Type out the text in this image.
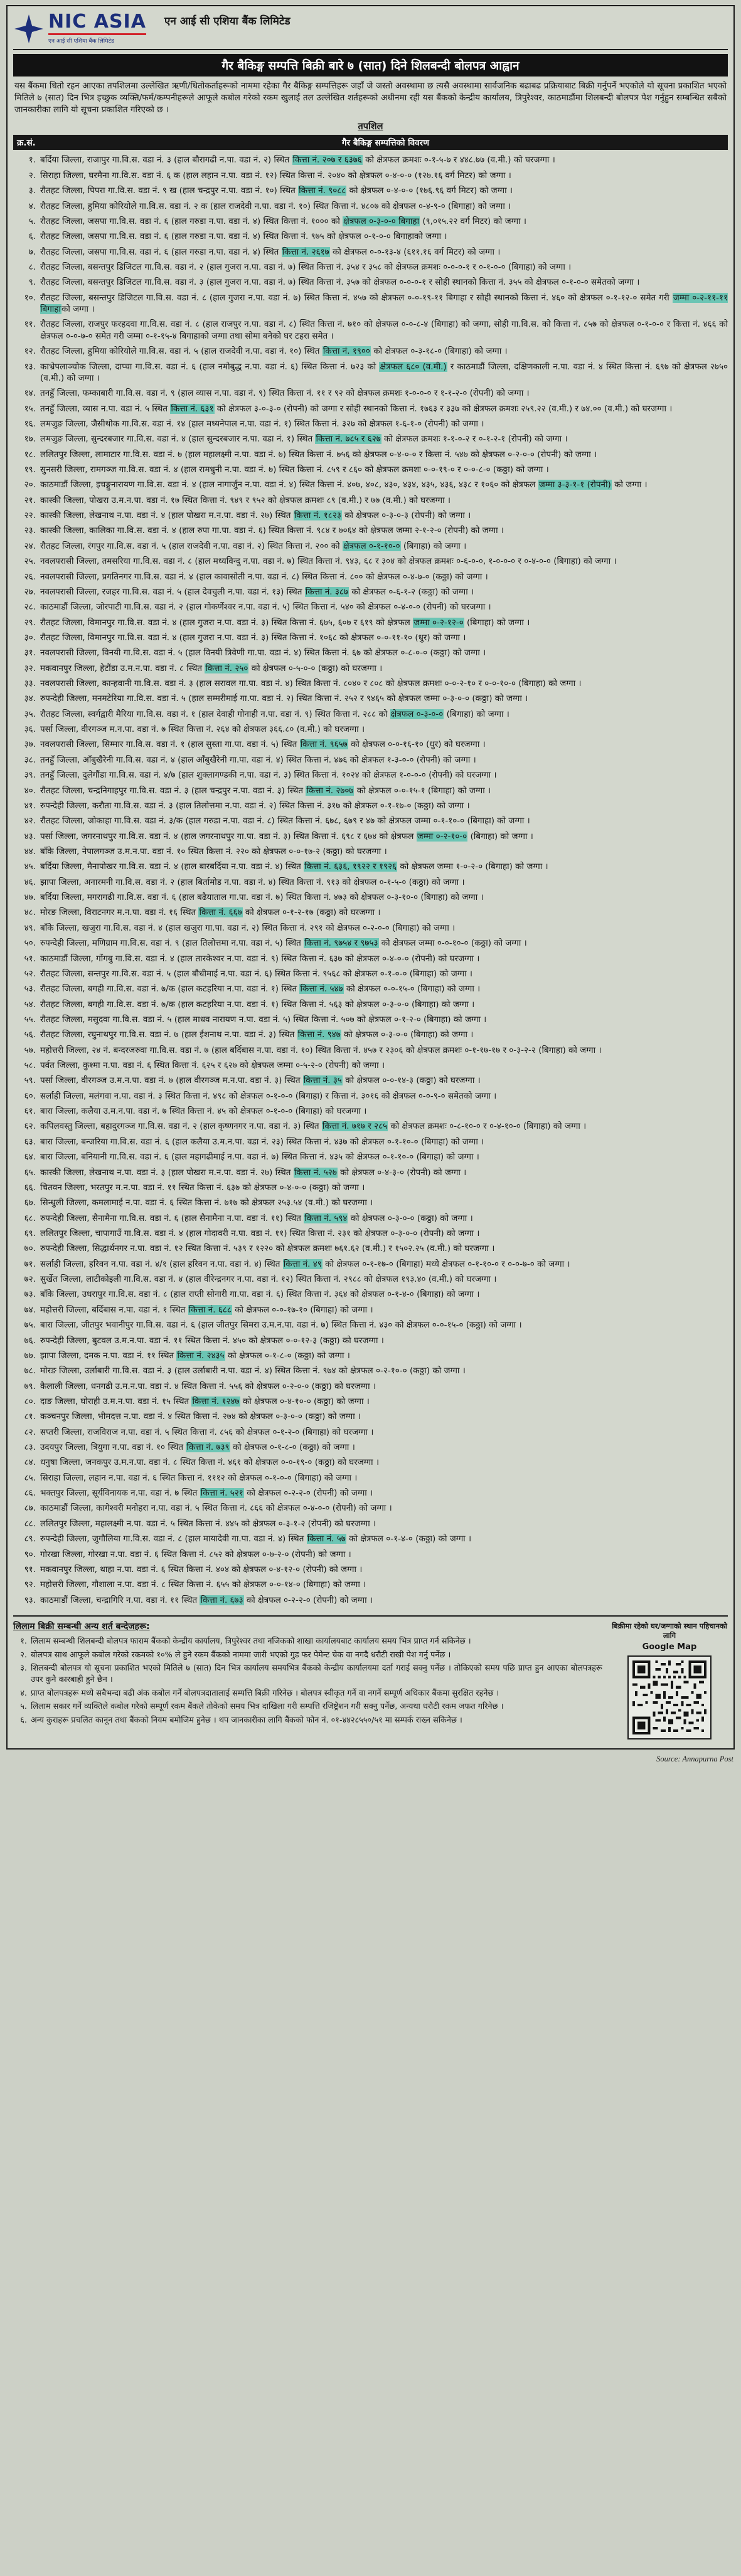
NIC ASIA
एन आई सी एशिया बैंक लिमिटेड
एन आई सी एशिया बैंक लिमिटेड
गैर बैकिङ्ग सम्पत्ति बिक्री बारे ७ (सात) दिने शिलबन्दी बोलपत्र आह्वान
यस बैंकमा धितो रहन आएका तपशिलमा उल्लेखित ऋणी/धितोकर्ताहरूको नाममा रहेका गैर बैकिङ्ग सम्पत्तिहरू जहाँ जे जस्तो अवस्थामा छ त्यसै अवस्थामा सार्वजनिक बढाबढ प्रक्रियाबाट बिक्री गर्नुपर्ने भएकोले यो सूचना प्रकाशित भएको मितिले ७ (सात) दिन भित्र इच्छुक व्यक्ति/फर्म/कम्पनीहरूले आफूले कबोल गरेको रकम खुलाई तल उल्लेखित शर्तहरूको अधीनमा रही यस बैंकको केन्द्रीय कार्यालय, त्रिपुरेश्वर, काठमाडौंमा शिलबन्दी बोलपत्र पेश गर्नुहुन सम्बन्धित सबैको जानकारीका लागि यो सूचना प्रकाशित गरिएको छ ।
तपशिल
क्र.सं.	गैर बैकिङ्ग सम्पत्तिको विवरण
१. बर्दिया जिल्ला, राजापुर गा.वि.स. वडा नं. ३ (हाल बौरागढी न.पा. वडा नं. २) स्थित कित्ता नं. २०७ र ६३७६ को क्षेत्रफल क्रमशः ०-१-५-७ र ४४८.७७ (व.मी.) को घरजग्गा ।
२. सिराहा जिल्ला, घरमैना गा.वि.स. वडा नं. ६ क (हाल लहान न.पा. वडा नं. १२) स्थित कित्ता नं. २०४० को क्षेत्रफल ०-४-०-० (१२७.१६ वर्ग मिटर) को जग्गा ।
३. रौतहट जिल्ला, पिपरा गा.वि.स. वडा नं. ९ ख (हाल चन्द्रपुर न.पा. वडा नं. १०) स्थित कित्ता नं. ९०८८ को क्षेत्रफल ०-४-०-० (१७६.९६ वर्ग मिटर) को जग्गा ।
४. रौतहट जिल्ला, हुमिया कोरियोले गा.वि.स. वडा नं. २ क (हाल राजदेवी न.पा. वडा नं. १०) स्थित कित्ता नं. ४८०७ को क्षेत्रफल ०-४-९-० (बिगाहा) को जग्गा ।
५. रौतहट जिल्ला, जसपा गा.वि.स. वडा नं. ६ (हाल गरुडा न.पा. वडा नं. ४) स्थित कित्ता नं. १००० को क्षेत्रफल ०-३-०-० बिगाहा (९,०१५.२२ वर्ग मिटर) को जग्गा ।
६. रौतहट जिल्ला, जसपा गा.वि.स. वडा नं. ६ (हाल गरुडा न.पा. वडा नं. ४) स्थित कित्ता नं. ९७५ को क्षेत्रफल ०-१-०-० बिगाहाको जग्गा ।
७. रौतहट जिल्ला, जसपा गा.वि.स. वडा नं. ६ (हाल गरुडा न.पा. वडा नं. ४) स्थित कित्ता नं. २६१७ को क्षेत्रफल ०-०-१३-४ (६११.१६ वर्ग मिटर) को जग्गा ।
८. रौतहट जिल्ला, बसन्तपुर डिजिटल गा.वि.स. वडा नं. २ (हाल गुजरा न.पा. वडा नं. ७) स्थित कित्ता नं. ३५४ र ३५८ को क्षेत्रफल क्रमशः ०-०-०-१ र ०-१-०-० (बिगाहा) को जग्गा ।
९. रौतहट जिल्ला, बसन्तपुर डिजिटल गा.वि.स. वडा नं. ३ (हाल गुजरा न.पा. वडा नं. ७) स्थित कित्ता नं. ३५७ को क्षेत्रफल ०-०-०-१ र सोही स्थानको कित्ता नं. ३५५ को क्षेत्रफल ०-१-०-० समेतको जग्गा ।
१०. रौतहट जिल्ला, बसन्तपुर डिजिटल गा.वि.स. वडा नं. ८ (हाल गुजरा न.पा. वडा नं. ७) स्थित कित्ता नं. ४५७ को क्षेत्रफल ०-०-१९-११ बिगाहा र सोही स्थानको कित्ता नं. ४६० को क्षेत्रफल ०-१-१२-० समेत गरी जम्मा ०-२-११-११ बिगाहाको जग्गा ।
११. रौतहट जिल्ला, राजपुर फरहदवा गा.वि.स. वडा नं. ८ (हाल राजपुर न.पा. वडा नं. ८) स्थित कित्ता नं. ७१० को क्षेत्रफल ०-०-८-४ (बिगाहा) को जग्गा, सोही गा.वि.स. को कित्ता नं. ८५७ को क्षेत्रफल ०-१-०-० र कित्ता नं. ४६६ को क्षेत्रफल ०-०-७-० समेत गरी जम्मा ०-१-१५-४ बिगाहाको जग्गा तथा सोमा बनेको घर टहरा समेत ।
१२. रौतहट जिल्ला, हुमिया कोरियोले गा.वि.स. वडा नं. ५ (हाल राजदेवी न.पा. वडा नं. १०) स्थित कित्ता नं. १९०० को क्षेत्रफल ०-३-१८-० (बिगाहा) को जग्गा ।
१३. काभ्रेपलाञ्चोक जिल्ला, दाप्चा गा.वि.स. वडा नं. ६ (हाल नमोबुद्ध न.पा. वडा नं. ६) स्थित कित्ता नं. ७२३ को क्षेत्रफल ६८० (व.मी.) र काठमाडौं जिल्ला, दक्षिणकाली न.पा. वडा नं. ४ स्थित कित्ता नं. ६९७ को क्षेत्रफल २७५० (व.मी.) को जग्गा ।
१४. तनहुँ जिल्ला, फम्काबारी गा.वि.स. वडा नं. ९ (हाल व्यास न.पा. वडा नं. ९) स्थित कित्ता नं. ११ र ९२ को क्षेत्रफल क्रमशः १-०-०-० र १-१-२-० (रोपनी) को जग्गा ।
१५. तनहुँ जिल्ला, व्यास न.पा. वडा नं. ५ स्थित कित्ता नं. ६३१ को क्षेत्रफल ३-०-३-० (रोपनी) को जग्गा र सोही स्थानको कित्ता नं. १७६३ र ३३७ को क्षेत्रफल क्रमशः २५९.२२ (व.मी.) र ७४.०० (व.मी.) को घरजग्गा ।
१६. लमजुङ जिल्ला, जैसीथोक गा.वि.स. वडा नं. १४ (हाल मध्यनेपाल न.पा. वडा नं. १) स्थित कित्ता नं. ३२७ को क्षेत्रफल १-६-१-० (रोपनी) को जग्गा ।
१७. लमजुङ जिल्ला, सुन्दरबजार गा.वि.स. वडा नं. ४ (हाल सुन्दरबजार न.पा. वडा नं. १) स्थित कित्ता नं. ७८५ र ६२७ को क्षेत्रफल क्रमशः १-१-०-२ र ०-१-२-१ (रोपनी) को जग्गा ।
१८. ललितपुर जिल्ला, लामाटार गा.वि.स. वडा नं. ७ (हाल महालक्ष्मी न.पा. वडा नं. ७) स्थित कित्ता नं. ७५६ को क्षेत्रफल ०-४-०-० र कित्ता नं. ५४७ को क्षेत्रफल ०-२-०-० (रोपनी) को जग्गा ।
१९. सुनसरी जिल्ला, रामगञ्ज गा.वि.स. वडा नं. ४ (हाल रामधुनी न.पा. वडा नं. ७) स्थित कित्ता नं. ८५९ र ८६० को क्षेत्रफल क्रमशः ०-०-१९-० र ०-०-८-० (कठ्ठा) को जग्गा ।
२०. काठमाडौं जिल्ला, इचङ्गुनारायण गा.वि.स. वडा नं. ४ (हाल नागार्जुन न.पा. वडा नं. ४) स्थित कित्ता नं. ४०७, ४०८, ४३०, ४३४, ४३५, ४३६, ४३८ र १०६० को क्षेत्रफल जम्मा ३-३-१-१ (रोपनी) को जग्गा ।
२१. कास्की जिल्ला, पोखरा उ.म.न.पा. वडा नं. १७ स्थित कित्ता नं. ९४९ र ९५२ को क्षेत्रफल क्रमशः ८९ (व.मी.) र ७७ (व.मी.) को घरजग्गा ।
२२. कास्की जिल्ला, लेखनाथ न.पा. वडा नं. ४ (हाल पोखरा म.न.पा. वडा नं. २७) स्थित कित्ता नं. १८२३ को क्षेत्रफल ०-३-०-३ (रोपनी) को जग्गा ।
२३. कास्की जिल्ला, कालिका गा.वि.स. वडा नं. ४ (हाल रुपा गा.पा. वडा नं. ६) स्थित कित्ता नं. ९८४ र ७०६४ को क्षेत्रफल जम्मा २-१-२-० (रोपनी) को जग्गा ।
२४. रौतहट जिल्ला, रंगपुर गा.वि.स. वडा नं. ५ (हाल राजदेवी न.पा. वडा नं. २) स्थित कित्ता नं. २०० को क्षेत्रफल ०-१-१०-० (बिगाहा) को जग्गा ।
२५. नवलपरासी जिल्ला, तमसरिया गा.वि.स. वडा नं. ८ (हाल मध्यविन्दु न.पा. वडा नं. ७) स्थित कित्ता नं. ९४३, ६८ र ३०४ को क्षेत्रफल क्रमशः ०-६-०-०, १-०-०-० र ०-४-०-० (बिगाहा) को जग्गा ।
२६. नवलपरासी जिल्ला, प्रगतिनगर गा.वि.स. वडा नं. ४ (हाल कावासोती न.पा. वडा नं. ८) स्थित कित्ता नं. ८०० को क्षेत्रफल ०-४-७-० (कठ्ठा) को जग्गा ।
२७. नवलपरासी जिल्ला, रजहर गा.वि.स. वडा नं. ५ (हाल देवचुली न.पा. वडा नं. १३) स्थित कित्ता नं. ३८७ को क्षेत्रफल ०-६-१-२ (कठ्ठा) को जग्गा ।
२८. काठमाडौं जिल्ला, जोरपाटी गा.वि.स. वडा नं. २ (हाल गोकर्णेश्वर न.पा. वडा नं. ५) स्थित कित्ता नं. ५४० को क्षेत्रफल ०-४-०-० (रोपनी) को घरजग्गा ।
२९. रौतहट जिल्ला, विमानपुर गा.वि.स. वडा नं. ४ (हाल गुजरा न.पा. वडा नं. ३) स्थित कित्ता नं. ६७५, ६०७ र ६१९ को क्षेत्रफल जम्मा ०-२-१२-० (बिगाहा) को जग्गा ।
३०. रौतहट जिल्ला, विमानपुर गा.वि.स. वडा नं. ४ (हाल गुजरा न.पा. वडा नं. ३) स्थित कित्ता नं. १०६८ को क्षेत्रफल ०-०-११-१० (धुर) को जग्गा ।
३१. नवलपरासी जिल्ला, विनयी गा.वि.स. वडा नं. ५ (हाल विनयी त्रिवेणी गा.पा. वडा नं. ४) स्थित कित्ता नं. ६७ को क्षेत्रफल ०-८-०-० (कठ्ठा) को जग्गा ।
३२. मकवानपुर जिल्ला, हेटौंडा उ.म.न.पा. वडा नं. ८ स्थित कित्ता नं. २५० को क्षेत्रफल ०-५-०-० (कठ्ठा) को घरजग्गा ।
३३. नवलपरासी जिल्ला, कान्हवानी गा.वि.स. वडा नं. ३ (हाल सरावल गा.पा. वडा नं. ४) स्थित कित्ता नं. ८०४० र ८०८ को क्षेत्रफल क्रमशः ०-०-२-१० र ०-०-१०-० (बिगाहा) को जग्गा ।
३४. रुपन्देही जिल्ला, मनमटेरिया गा.वि.स. वडा नं. ५ (हाल सम्मरीमाई गा.पा. वडा नं. २) स्थित कित्ता नं. २५२ र ९४६५ को क्षेत्रफल जम्मा ०-३-०-० (कठ्ठा) को जग्गा ।
३५. रौतहट जिल्ला, स्वर्गद्वारी मैरिया गा.वि.स. वडा नं. १ (हाल देवाही गोनाही न.पा. वडा नं. ९) स्थित कित्ता नं. २८८ को क्षेत्रफल ०-३-०-० (बिगाहा) को जग्गा ।
३६. पर्सा जिल्ला, वीरगञ्ज म.न.पा. वडा नं. ७ स्थित कित्ता नं. २६४ को क्षेत्रफल ३६६.८० (व.मी.) को घरजग्गा ।
३७. नवलपरासी जिल्ला, सिम्मार गा.वि.स. वडा नं. १ (हाल सुस्ता गा.पा. वडा नं. ५) स्थित कित्ता नं. ९६५७ को क्षेत्रफल ०-०-१६-१० (धुर) को घरजग्गा ।
३८. तनहुँ जिल्ला, आँबुखैरेनी गा.वि.स. वडा नं. ४ (हाल आँबुखैरेनी गा.पा. वडा नं. ४) स्थित कित्ता नं. ४७६ को क्षेत्रफल १-३-०-० (रोपनी) को जग्गा ।
३९. तनहुँ जिल्ला, दुलेगौंडा गा.वि.स. वडा नं. ४/७ (हाल शुक्लागण्डकी न.पा. वडा नं. ३) स्थित कित्ता नं. १०२४ को क्षेत्रफल १-०-०-० (रोपनी) को घरजग्गा ।
४०. रौतहट जिल्ला, चन्द्रनिगाहपुर गा.वि.स. वडा नं. ३ (हाल चन्द्रपुर न.पा. वडा नं. ३) स्थित कित्ता नं. २७०७ को क्षेत्रफल ०-०-१५-१ (बिगाहा) को जग्गा ।
४१. रुपन्देही जिल्ला, करौता गा.वि.स. वडा नं. ३ (हाल तिलोत्तमा न.पा. वडा नं. २) स्थित कित्ता नं. ३१७ को क्षेत्रफल ०-१-१७-० (कठ्ठा) को जग्गा ।
४२. रौतहट जिल्ला, जोकाहा गा.वि.स. वडा नं. ३/क (हाल गरुडा न.पा. वडा नं. ८) स्थित कित्ता नं. ६७८, ६७९ र ४७ को क्षेत्रफल जम्मा ०-१-१०-० (बिगाहा) को जग्गा ।
४३. पर्सा जिल्ला, जगरनाथपुर गा.वि.स. वडा नं. ४ (हाल जगरनाथपुर गा.पा. वडा नं. ३) स्थित कित्ता नं. ६९८ र ६७४ को क्षेत्रफल जम्मा ०-२-१०-० (बिगाहा) को जग्गा ।
४४. बाँके जिल्ला, नेपालगञ्ज उ.म.न.पा. वडा नं. १० स्थित कित्ता नं. २२० को क्षेत्रफल ०-०-१७-२ (कठ्ठा) को घरजग्गा ।
४५. बर्दिया जिल्ला, मैनापोखर गा.वि.स. वडा नं. ४ (हाल बारबर्दिया न.पा. वडा नं. ४) स्थित कित्ता नं. ६३६, १९२२ र १९२६ को क्षेत्रफल जम्मा १-०-२-० (बिगाहा) को जग्गा ।
४६. झापा जिल्ला, अनारमनी गा.वि.स. वडा नं. २ (हाल बिर्तामोड न.पा. वडा नं. ४) स्थित कित्ता नं. ९१३ को क्षेत्रफल ०-१-५-० (कठ्ठा) को जग्गा ।
४७. बर्दिया जिल्ला, मगरागढी गा.वि.स. वडा नं. ६ (हाल बढैयाताल गा.पा. वडा नं. ७) स्थित कित्ता नं. ४७३ को क्षेत्रफल ०-३-१०-० (बिगाहा) को जग्गा ।
४८. मोरङ जिल्ला, विराटनगर म.न.पा. वडा नं. १६ स्थित कित्ता नं. ६६७ को क्षेत्रफल ०-१-२-१७ (कठ्ठा) को घरजग्गा ।
४९. बाँके जिल्ला, खजुरा गा.वि.स. वडा नं. ४ (हाल खजुरा गा.पा. वडा नं. २) स्थित कित्ता नं. २९१ को क्षेत्रफल ०-२-०-० (बिगाहा) को जग्गा ।
५०. रुपन्देही जिल्ला, मणिग्राम गा.वि.स. वडा नं. ९ (हाल तिलोत्तमा न.पा. वडा नं. ५) स्थित कित्ता नं. ९७५४ र ९७५३ को क्षेत्रफल जम्मा ०-०-१०-० (कठ्ठा) को जग्गा ।
५१. काठमाडौं जिल्ला, गोंगबु गा.वि.स. वडा नं. ४ (हाल तारकेश्वर न.पा. वडा नं. ९) स्थित कित्ता नं. ६३७ को क्षेत्रफल ०-४-०-० (रोपनी) को घरजग्गा ।
५२. रौतहट जिल्ला, सन्तपुर गा.वि.स. वडा नं. ५ (हाल बौधीमाई न.पा. वडा नं. ६) स्थित कित्ता नं. ९५६८ को क्षेत्रफल ०-१-०-० (बिगाहा) को जग्गा ।
५३. रौतहट जिल्ला, बगही गा.वि.स. वडा नं. ७/क (हाल कटहरिया न.पा. वडा नं. १) स्थित कित्ता नं. ५४७ को क्षेत्रफल ०-०-१५-० (बिगाहा) को जग्गा ।
५४. रौतहट जिल्ला, बगही गा.वि.स. वडा नं. ७/क (हाल कटहरिया न.पा. वडा नं. १) स्थित कित्ता नं. ५६३ को क्षेत्रफल ०-३-०-० (बिगाहा) को जग्गा ।
५५. रौतहट जिल्ला, मसुदवा गा.वि.स. वडा नं. ५ (हाल माधव नारायण न.पा. वडा नं. ५) स्थित कित्ता नं. ५०७ को क्षेत्रफल ०-१-२-० (बिगाहा) को जग्गा ।
५६. रौतहट जिल्ला, रघुनाथपुर गा.वि.स. वडा नं. ७ (हाल ईशनाथ न.पा. वडा नं. ३) स्थित कित्ता नं. ९४७ को क्षेत्रफल ०-३-०-० (बिगाहा) को जग्गा ।
५७. महोत्तरी जिल्ला, २४ नं. बन्दरजरुवा गा.वि.स. वडा नं. ७ (हाल बर्दिबास न.पा. वडा नं. १०) स्थित कित्ता नं. ४५७ र २३०६ को क्षेत्रफल क्रमशः ०-१-१७-१७ र ०-३-२-२ (बिगाहा) को जग्गा ।
५८. पर्वत जिल्ला, कुश्मा न.पा. वडा नं. ६ स्थित कित्ता नं. ६२५ र ६२७ को क्षेत्रफल जम्मा ०-५-२-० (रोपनी) को जग्गा ।
५९. पर्सा जिल्ला, वीरगञ्ज उ.म.न.पा. वडा नं. ७ (हाल वीरगञ्ज म.न.पा. वडा नं. ३) स्थित कित्ता नं. ३५ को क्षेत्रफल ०-०-१४-३ (कठ्ठा) को घरजग्गा ।
६०. सर्लाही जिल्ला, मलंगवा न.पा. वडा नं. ३ स्थित कित्ता नं. ४९८ को क्षेत्रफल ०-१-०-० (बिगाहा) र कित्ता नं. ३०१६ को क्षेत्रफल ०-०-९-० समेतको जग्गा ।
६१. बारा जिल्ला, कलैया उ.म.न.पा. वडा नं. ७ स्थित कित्ता नं. ४५ को क्षेत्रफल ०-१-०-० (बिगाहा) को घरजग्गा ।
६२. कपिलवस्तु जिल्ला, बहादुरगञ्ज गा.वि.स. वडा नं. २ (हाल कृष्णनगर न.पा. वडा नं. ३) स्थित कित्ता नं. ७१७ र २८५ को क्षेत्रफल क्रमशः ०-८-१०-० र ०-४-१०-० (बिगाहा) को जग्गा ।
६३. बारा जिल्ला, बन्जरिया गा.वि.स. वडा नं. ६ (हाल कलैया उ.म.न.पा. वडा नं. २३) स्थित कित्ता नं. ४३७ को क्षेत्रफल ०-१-१०-० (बिगाहा) को जग्गा ।
६४. बारा जिल्ला, बनियानी गा.वि.स. वडा नं. ६ (हाल महागढीमाई न.पा. वडा नं. ७) स्थित कित्ता नं. ४३५ को क्षेत्रफल ०-१-१०-० (बिगाहा) को जग्गा ।
६५. कास्की जिल्ला, लेखनाथ न.पा. वडा नं. ३ (हाल पोखरा म.न.पा. वडा नं. २७) स्थित कित्ता नं. ५२७ को क्षेत्रफल ०-४-३-० (रोपनी) को जग्गा ।
६६. चितवन जिल्ला, भरतपुर म.न.पा. वडा नं. ११ स्थित कित्ता नं. ६३७ को क्षेत्रफल ०-४-०-० (कठ्ठा) को जग्गा ।
६७. सिन्धुली जिल्ला, कमलामाई न.पा. वडा नं. ६ स्थित कित्ता नं. ७१७ को क्षेत्रफल २५३.५४ (व.मी.) को घरजग्गा ।
६८. रुपन्देही जिल्ला, सैनामैना गा.वि.स. वडा नं. ६ (हाल सैनामैना न.पा. वडा नं. ११) स्थित कित्ता नं. ५९४ को क्षेत्रफल ०-३-०-० (कठ्ठा) को जग्गा ।
६९. ललितपुर जिल्ला, चापागाउँ गा.वि.स. वडा नं. ४ (हाल गोदावरी न.पा. वडा नं. ११) स्थित कित्ता नं. २३१ को क्षेत्रफल ०-३-०-० (रोपनी) को जग्गा ।
७०. रुपन्देही जिल्ला, सिद्धार्थनगर न.पा. वडा नं. १२ स्थित कित्ता नं. ५३९ र १२२० को क्षेत्रफल क्रमशः ७६१.६२ (व.मी.) र १५०२.२५ (व.मी.) को घरजग्गा ।
७१. सर्लाही जिल्ला, हरिवन न.पा. वडा नं. ४/१ (हाल हरिवन न.पा. वडा नं. ४) स्थित कित्ता नं. ४९ को क्षेत्रफल ०-१-१७-० (बिगाहा) मध्ये क्षेत्रफल ०-१-१०-० र ०-०-७-० को जग्गा ।
७२. सुर्खेत जिल्ला, लाटीकोइली गा.वि.स. वडा नं. ४ (हाल वीरेन्द्रनगर न.पा. वडा नं. १२) स्थित कित्ता नं. २९८८ को क्षेत्रफल १९३.४० (व.मी.) को घरजग्गा ।
७३. बाँके जिल्ला, उधरापुर गा.वि.स. वडा नं. ८ (हाल राप्ती सोनारी गा.पा. वडा नं. ६) स्थित कित्ता नं. ३६४ को क्षेत्रफल ०-१-४-० (बिगाहा) को जग्गा ।
७४. महोत्तरी जिल्ला, बर्दिबास न.पा. वडा नं. १ स्थित कित्ता नं. ६८८ को क्षेत्रफल ०-०-१७-१० (बिगाहा) को जग्गा ।
७५. बारा जिल्ला, जीतपुर भवानीपुर गा.वि.स. वडा नं. ६ (हाल जीतपुर सिमरा उ.म.न.पा. वडा नं. ७) स्थित कित्ता नं. ४३० को क्षेत्रफल ०-०-१५-० (कठ्ठा) को जग्गा ।
७६. रुपन्देही जिल्ला, बुटवल उ.म.न.पा. वडा नं. ११ स्थित कित्ता नं. ४५० को क्षेत्रफल ०-०-१२-३ (कठ्ठा) को घरजग्गा ।
७७. झापा जिल्ला, दमक न.पा. वडा नं. ११ स्थित कित्ता नं. २४३५ को क्षेत्रफल ०-१-८-० (कठ्ठा) को जग्गा ।
७८. मोरङ जिल्ला, उर्लाबारी गा.वि.स. वडा नं. ३ (हाल उर्लाबारी न.पा. वडा नं. ४) स्थित कित्ता नं. ९७४ को क्षेत्रफल ०-२-१०-० (कठ्ठा) को जग्गा ।
७९. कैलाली जिल्ला, धनगढी उ.म.न.पा. वडा नं. ४ स्थित कित्ता नं. ५५६ को क्षेत्रफल ०-२-०-० (कठ्ठा) को घरजग्गा ।
८०. दाङ जिल्ला, घोराही उ.म.न.पा. वडा नं. १५ स्थित कित्ता नं. १२४७ को क्षेत्रफल ०-४-१०-० (कठ्ठा) को जग्गा ।
८१. कञ्चनपुर जिल्ला, भीमदत्त न.पा. वडा नं. ४ स्थित कित्ता नं. २७४ को क्षेत्रफल ०-३-०-० (कठ्ठा) को जग्गा ।
८२. सप्तरी जिल्ला, राजविराज न.पा. वडा नं. ५ स्थित कित्ता नं. ८५६ को क्षेत्रफल ०-१-२-० (बिगाहा) को घरजग्गा ।
८३. उदयपुर जिल्ला, त्रियुगा न.पा. वडा नं. १० स्थित कित्ता नं. ७३९ को क्षेत्रफल ०-१-८-० (कठ्ठा) को जग्गा ।
८४. धनुषा जिल्ला, जनकपुर उ.म.न.पा. वडा नं. ८ स्थित कित्ता नं. ४६१ को क्षेत्रफल ०-०-१९-० (कठ्ठा) को घरजग्गा ।
८५. सिराहा जिल्ला, लहान न.पा. वडा नं. ६ स्थित कित्ता नं. १११२ को क्षेत्रफल ०-१-०-० (बिगाहा) को जग्गा ।
८६. भक्तपुर जिल्ला, सूर्यविनायक न.पा. वडा नं. ७ स्थित कित्ता नं. ५२१ को क्षेत्रफल ०-२-२-० (रोपनी) को जग्गा ।
८७. काठमाडौं जिल्ला, कागेश्वरी मनोहरा न.पा. वडा नं. ५ स्थित कित्ता नं. ८६६ को क्षेत्रफल ०-४-०-० (रोपनी) को जग्गा ।
८८. ललितपुर जिल्ला, महालक्ष्मी न.पा. वडा नं. ५ स्थित कित्ता नं. ४४५ को क्षेत्रफल ०-३-१-२ (रोपनी) को घरजग्गा ।
८९. रुपन्देही जिल्ला, जुगौलिया गा.वि.स. वडा नं. ८ (हाल मायादेवी गा.पा. वडा नं. ४) स्थित कित्ता नं. ५७ को क्षेत्रफल ०-१-४-० (कठ्ठा) को जग्गा ।
९०. गोरखा जिल्ला, गोरखा न.पा. वडा नं. ६ स्थित कित्ता नं. ८५२ को क्षेत्रफल ०-७-२-० (रोपनी) को जग्गा ।
९१. मकवानपुर जिल्ला, थाहा न.पा. वडा नं. ६ स्थित कित्ता नं. ४०४ को क्षेत्रफल ०-४-१२-० (रोपनी) को जग्गा ।
९२. महोत्तरी जिल्ला, गौशाला न.पा. वडा नं. ८ स्थित कित्ता नं. ६५५ को क्षेत्रफल ०-०-१४-० (बिगाहा) को जग्गा ।
९३. काठमाडौं जिल्ला, चन्द्रागिरि न.पा. वडा नं. ११ स्थित कित्ता नं. ६७३ को क्षेत्रफल ०-२-२-० (रोपनी) को जग्गा ।
लिलाम बिक्री सम्बन्धी अन्य शर्त बन्देजहरू:
१. लिलाम सम्बन्धी शिलबन्दी बोलपत्र फाराम बैंकको केन्द्रीय कार्यालय, त्रिपुरेश्वर तथा नजिकको शाखा कार्यालयबाट कार्यालय समय भित्र प्राप्त गर्न सकिनेछ ।
२. बोलपत्र साथ आफूले कबोल गरेको रकमको १०% ले हुने रकम बैंकको नाममा जारी भएको गुड फर पेमेन्ट चेक वा नगदै धरौटी राखी पेश गर्नु पर्नेछ ।
३. शिलबन्दी बोलपत्र यो सूचना प्रकाशित भएको मितिले ७ (सात) दिन भित्र कार्यालय समयभित्र बैंकको केन्द्रीय कार्यालयमा दर्ता गराई सक्नु पर्नेछ । तोकिएको समय पछि प्राप्त हुन आएका बोलपत्रहरू उपर कुनै कारबाही हुने छैन ।
४. प्राप्त बोलपत्रहरू मध्ये सबैभन्दा बढी अंक कबोल गर्ने बोलपत्रदातालाई सम्पत्ति बिक्री गरिनेछ । बोलपत्र स्वीकृत गर्ने वा नगर्ने सम्पूर्ण अधिकार बैंकमा सुरक्षित रहनेछ ।
५. लिलाम सकार गर्ने व्यक्तिले कबोल गरेको सम्पूर्ण रकम बैंकले तोकेको समय भित्र दाखिला गरी सम्पत्ति रजिष्ट्रेशन गरी सक्नु पर्नेछ, अन्यथा धरौटी रकम जफत गरिनेछ ।
६. अन्य कुराहरू प्रचलित कानून तथा बैंकको नियम बमोजिम हुनेछ । थप जानकारीका लागि बैंकको फोन नं. ०१-४४२८५५०/५१ मा सम्पर्क राख्न सकिनेछ ।
बिक्रीमा रहेको घर/जग्गाको स्थान पहिचानको लागि
Google Map
Source: Annapurna Post
